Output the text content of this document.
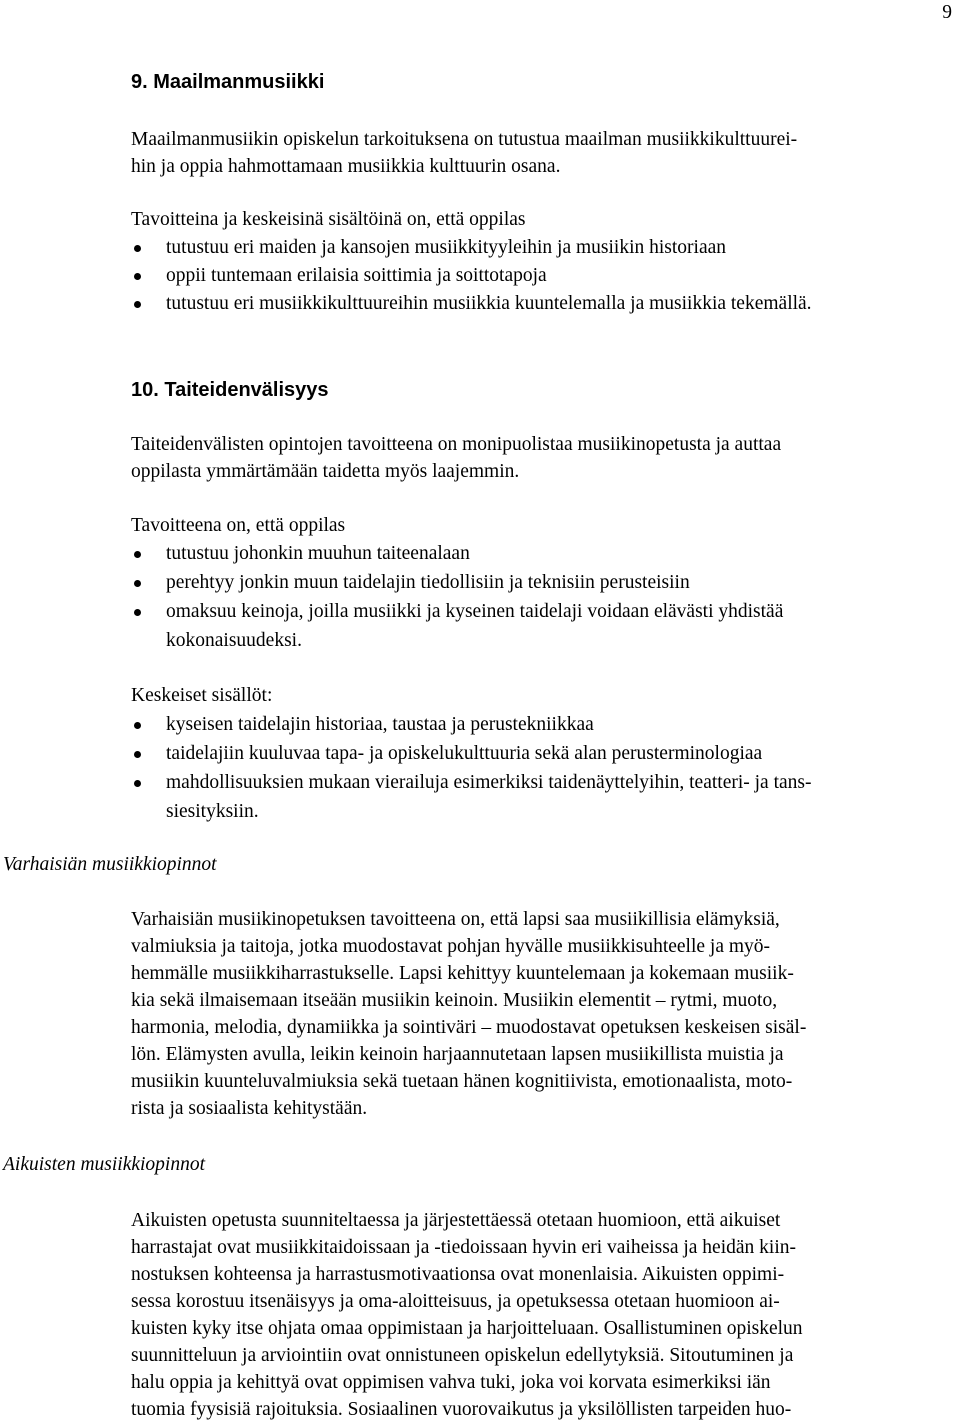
9
9. Maailmanmusiikki
Maailmanmusiikin opiskelun tarkoituksena on tutustua maailman musiikkikulttuurei-
hin ja oppia hahmottamaan musiikkia kulttuurin osana.
Tavoitteina ja keskeisinä sisältöinä on, että oppilas
tutustuu eri maiden ja kansojen musiikkityyleihin ja musiikin historiaan
oppii tuntemaan erilaisia soittimia ja soittotapoja
tutustuu eri musiikkikulttuureihin musiikkia kuuntelemalla ja musiikkia tekemällä.
10. Taiteidenvälisyys
Taiteidenvälisten opintojen tavoitteena on monipuolistaa musiikinopetusta ja auttaa
oppilasta ymmärtämään taidetta myös laajemmin.
Tavoitteena on, että oppilas
tutustuu johonkin muuhun taiteenalaan
perehtyy jonkin muun taidelajin tiedollisiin ja teknisiin perusteisiin
omaksuu keinoja, joilla musiikki ja kyseinen taidelaji voidaan elävästi yhdistää
kokonaisuudeksi.
Keskeiset sisällöt:
kyseisen taidelajin historiaa, taustaa ja perustekniikkaa
taidelajiin kuuluvaa tapa- ja opiskelukulttuuria sekä alan perusterminologiaa
mahdollisuuksien mukaan vierailuja esimerkiksi taidenäyttelyihin, teatteri- ja tans-
siesityksiin.
Varhaisiän musiikkiopinnot
Varhaisiän musiikinopetuksen tavoitteena on, että lapsi saa musiikillisia elämyksiä,
valmiuksia ja taitoja, jotka muodostavat pohjan hyvälle musiikkisuhteelle ja myö-
hemmälle musiikkiharrastukselle. Lapsi kehittyy kuuntelemaan ja kokemaan musiik-
kia sekä ilmaisemaan itseään musiikin keinoin. Musiikin elementit – rytmi, muoto,
harmonia, melodia, dynamiikka ja sointiväri – muodostavat opetuksen keskeisen sisäl-
lön. Elämysten avulla, leikin keinoin harjaannutetaan lapsen musiikillista muistia ja
musiikin kuunteluvalmiuksia sekä tuetaan hänen kognitiivista, emotionaalista, moto-
rista ja sosiaalista kehitystään.
Aikuisten musiikkiopinnot
Aikuisten opetusta suunniteltaessa ja järjestettäessä otetaan huomioon, että aikuiset
harrastajat ovat musiikkitaidoissaan ja -tiedoissaan hyvin eri vaiheissa ja heidän kiin-
nostuksen kohteensa ja harrastusmotivaationsa ovat monenlaisia. Aikuisten oppimi-
sessa korostuu itsenäisyys ja oma-aloitteisuus, ja opetuksessa otetaan huomioon ai-
kuisten kyky itse ohjata omaa oppimistaan ja harjoitteluaan. Osallistuminen opiskelun
suunnitteluun ja arviointiin ovat onnistuneen opiskelun edellytyksiä. Sitoutuminen ja
halu oppia ja kehittyä ovat oppimisen vahva tuki, joka voi korvata esimerkiksi iän
tuomia fyysisiä rajoituksia. Sosiaalinen vuorovaikutus ja yksilöllisten tarpeiden huo-
